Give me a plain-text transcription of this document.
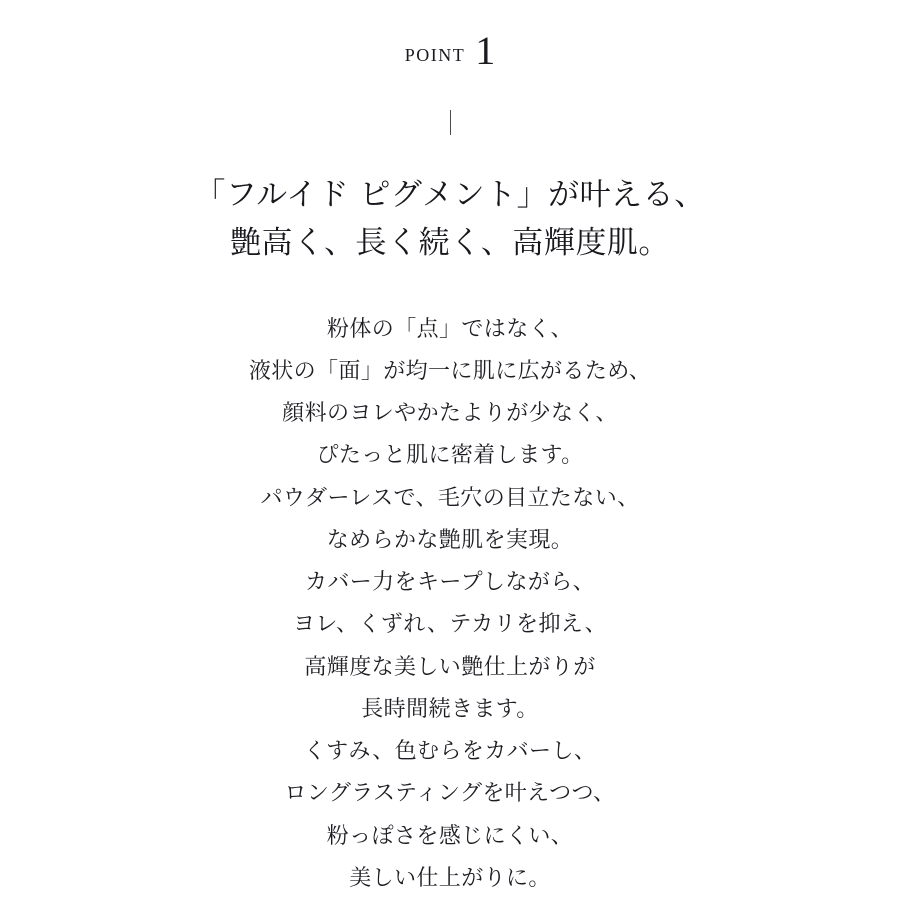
point 1
「フルイド ピグメント」が叶える、
艶高く、長く続く、高輝度肌。
粉体の「点」ではなく、
液状の「面」が均一に肌に広がるため、
顔料のヨレやかたよりが少なく、
ぴたっと肌に密着します。
パウダーレスで、毛穴の目立たない、
なめらかな艶肌を実現。
カバー力をキープしながら、
ヨレ、くずれ、テカリを抑え、
高輝度な美しい艶仕上がりが
長時間続きます。
くすみ、色むらをカバーし、
ロングラスティングを叶えつつ、
粉っぽさを感じにくい、
美しい仕上がりに。
